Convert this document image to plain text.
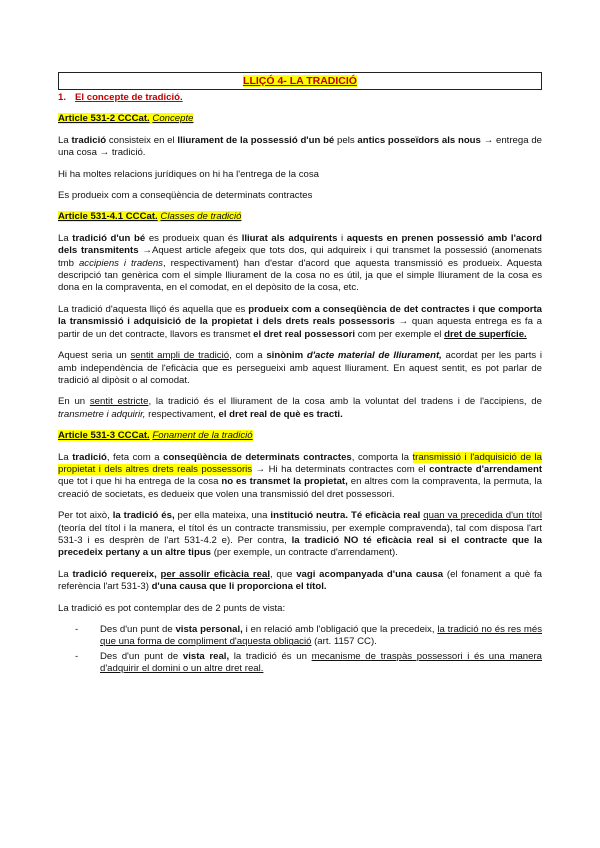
LLIÇÓ 4- LA TRADICIÓ
1. El concepte de tradició.
Article 531-2 CCCat. Concepte

La tradició consisteix en el lliurament de la possessió d'un bé pels antics posseïdors als nous → entrega de una cosa → tradició.

Hi ha moltes relacions jurídiques on hi ha l'entrega de la cosa

Es produeix com a conseqüència de determinats contractes

Article 531-4.1 CCCat. Classes de tradició

La tradició d'un bé es produeix quan és lliurat als adquirents i aquests en prenen possessió amb l'acord dels transmitents →Aquest article afegeix que tots dos, qui adquireix i qui transmet la possessió (anomenats tmb accipiens i tradens, respectivament) han d'estar d'acord que aquesta transmissió es produeix. Aquesta descripció tan genèrica com el simple lliurament de la cosa no es útil, ja que el simple lliurament de la cosa es dona en la compraventa, en el comodat, en el depòsito de la cosa, etc.

La tradició d'aquesta lliçó és aquella que es produeix com a conseqüència de det contractes i que comporta la transmissió i adquisició de la propietat i dels drets reals possessoris → quan aquesta entrega es fa a partir de un det contracte, llavors es transmet el dret real possessori com per exemple el dret de superfície.

Aquest seria un sentit ampli de tradició, com a sinònim d'acte material de lliurament, acordat per les parts i amb independència de l'eficàcia que es persegueixi amb aquest lliurament. En aquest sentit, es pot parlar de tradició al dipòsit o al comodat.

En un sentit estricte, la tradició és el lliurament de la cosa amb la voluntat del tradens i de l'accipiens, de transmetre i adquirir, respectivament, el dret real de què es tracti.

Article 531-3 CCCat. Fonament de la tradició

La tradició, feta com a conseqüència de determinats contractes, comporta la transmissió i l'adquisició de la propietat i dels altres drets reals possessoris → Hi ha determinats contractes com el contracte d'arrendament que tot i que hi ha entrega de la cosa no es transmet la propietat, en altres com la compraventa, la permuta, la creació de societats, es dedueix que volen una transmissió del dret possessori.

Per tot això, la tradició és, per ella mateixa, una institució neutra. Té eficàcia real quan va precedida d'un títol (teoría del títol i la manera, el títol és un contracte transmissiu, per exemple compravenda), tal com disposa l'art 531-3 i es desprèn de l'art 531-4.2 e). Per contra, la tradició NO té eficàcia real si el contracte que la precedeix pertany a un altre tipus (per exemple, un contracte d'arrendament).

La tradició requereix, per assolir eficàcia real, que vagi acompanyada d'una causa (el fonament a què fa referència l'art 531-3) d'una causa que li proporciona el títol.

La tradició es pot contemplar des de 2 punts de vista:

- Des d'un punt de vista personal, i en relació amb l'obligació que la precedeix, la tradició no és res més que una forma de compliment d'aquesta obligació (art. 1157 CC).
- Des d'un punt de vista real, la tradició és un mecanisme de traspàs possessori i és una manera d'adquirir el domini o un altre dret real.
